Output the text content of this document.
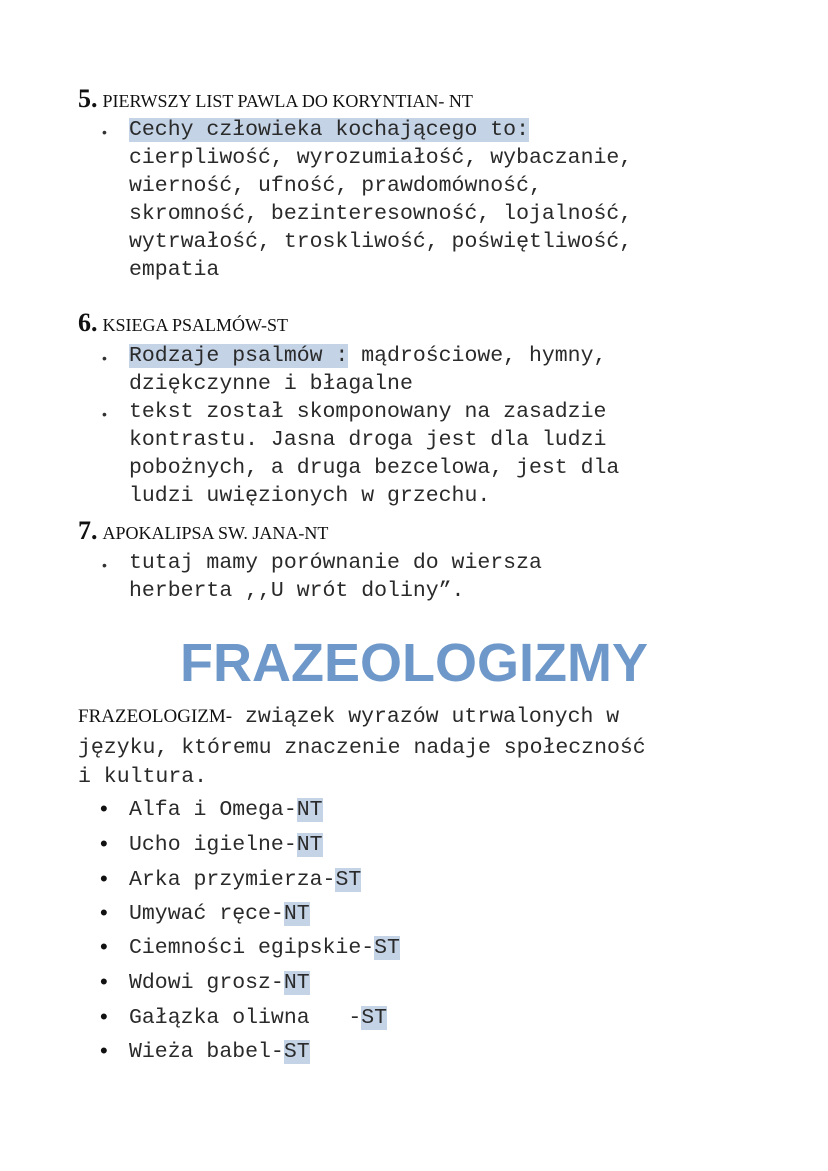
5. PIERWSZY LIST PAWLA DO KORYNTIAN- NT
• Cechy człowieka kochającego to:
cierpliwość, wyrozumiałość, wybaczanie,
wierność, ufność, prawdomówność,
skromność, bezinteresowność, lojalność,
wytrwałość, troskliwość, poświętliwość,
empatia
6. KSIEGA PSALMÓW-ST
• Rodzaje psalmów : mądrościowe, hymny,
dziękczynne i błagalne
• tekst został skomponowany na zasadzie
kontrastu. Jasna droga jest dla ludzi
pobożnych, a druga bezcelowa, jest dla
ludzi uwięzionych w grzechu.
7. APOKALIPSA SW. JANA-NT
• tutaj mamy porównanie do wiersza
herberta ,,U wrót doliny”.
FRAZEOLOGIZMY
FRAZEOLOGIZM- związek wyrazów utrwalonych w
języku, któremu znaczenie nadaje społeczność
i kultura.
• Alfa i Omega-NT
• Ucho igielne-NT
• Arka przymierza-ST
• Umywać ręce-NT
• Ciemności egipskie-ST
• Wdowi grosz-NT
• Gałązka oliwna   -ST
• Wieża babel-ST
